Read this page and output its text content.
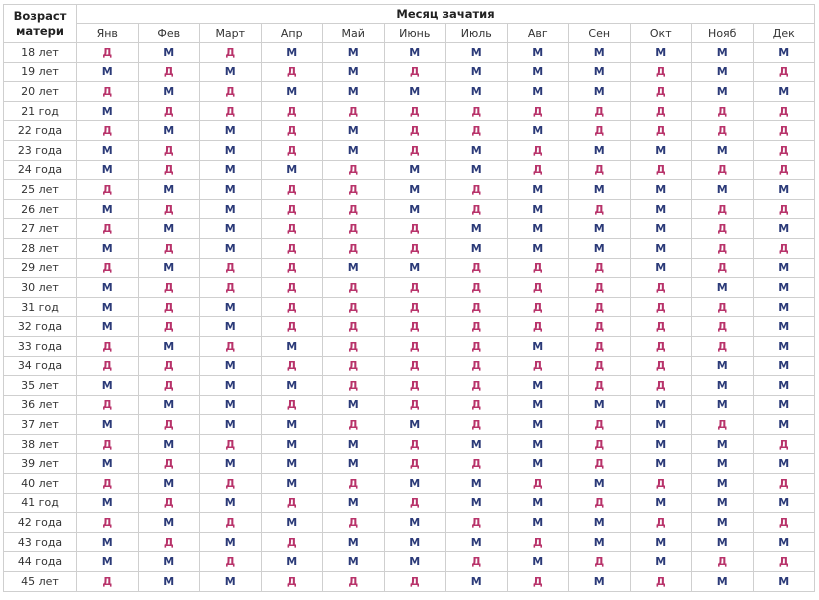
Возраст
матери	Месяц зачатия											
	Янв	Фев	Март	Апр	Май	Июнь	Июль	Авг	Сен	Окт	Нояб	Дек
18 лет	Д	М	Д	М	М	М	М	М	М	М	М	М
19 лет	М	Д	М	Д	М	Д	М	М	М	Д	М	Д
20 лет	Д	М	Д	М	М	М	М	М	М	Д	М	М
21 год	М	Д	Д	Д	Д	Д	Д	Д	Д	Д	Д	Д
22 года	Д	М	М	Д	М	Д	Д	М	Д	Д	Д	Д
23 года	М	Д	М	Д	М	Д	М	Д	М	М	М	Д
24 года	М	Д	М	М	Д	М	М	Д	Д	Д	Д	Д
25 лет	Д	М	М	Д	Д	М	Д	М	М	М	М	М
26 лет	М	Д	М	Д	Д	М	Д	М	Д	М	Д	Д
27 лет	Д	М	М	Д	Д	Д	М	М	М	М	Д	М
28 лет	М	Д	М	Д	Д	Д	М	М	М	М	Д	Д
29 лет	Д	М	Д	Д	М	М	Д	Д	Д	М	Д	М
30 лет	М	Д	Д	Д	Д	Д	Д	Д	Д	Д	М	М
31 год	М	Д	М	Д	Д	Д	Д	Д	Д	Д	Д	М
32 года	М	Д	М	Д	Д	Д	Д	Д	Д	Д	Д	М
33 года	Д	М	Д	М	Д	Д	Д	М	Д	Д	Д	М
34 года	Д	Д	М	Д	Д	Д	Д	Д	Д	Д	М	М
35 лет	М	Д	М	М	Д	Д	Д	М	Д	Д	М	М
36 лет	Д	М	М	Д	М	Д	Д	М	М	М	М	М
37 лет	М	Д	М	М	Д	М	Д	М	Д	М	Д	М
38 лет	Д	М	Д	М	М	Д	М	М	Д	М	М	Д
39 лет	М	Д	М	М	М	Д	Д	М	Д	М	М	М
40 лет	Д	М	Д	М	Д	М	М	Д	М	Д	М	Д
41 год	М	Д	М	Д	М	Д	М	М	Д	М	М	М
42 года	Д	М	Д	М	Д	М	Д	М	М	Д	М	Д
43 года	М	Д	М	Д	М	М	М	Д	М	М	М	М
44 года	М	М	Д	М	М	М	Д	М	Д	М	Д	Д
45 лет	Д	М	М	Д	Д	Д	М	Д	М	Д	М	М
